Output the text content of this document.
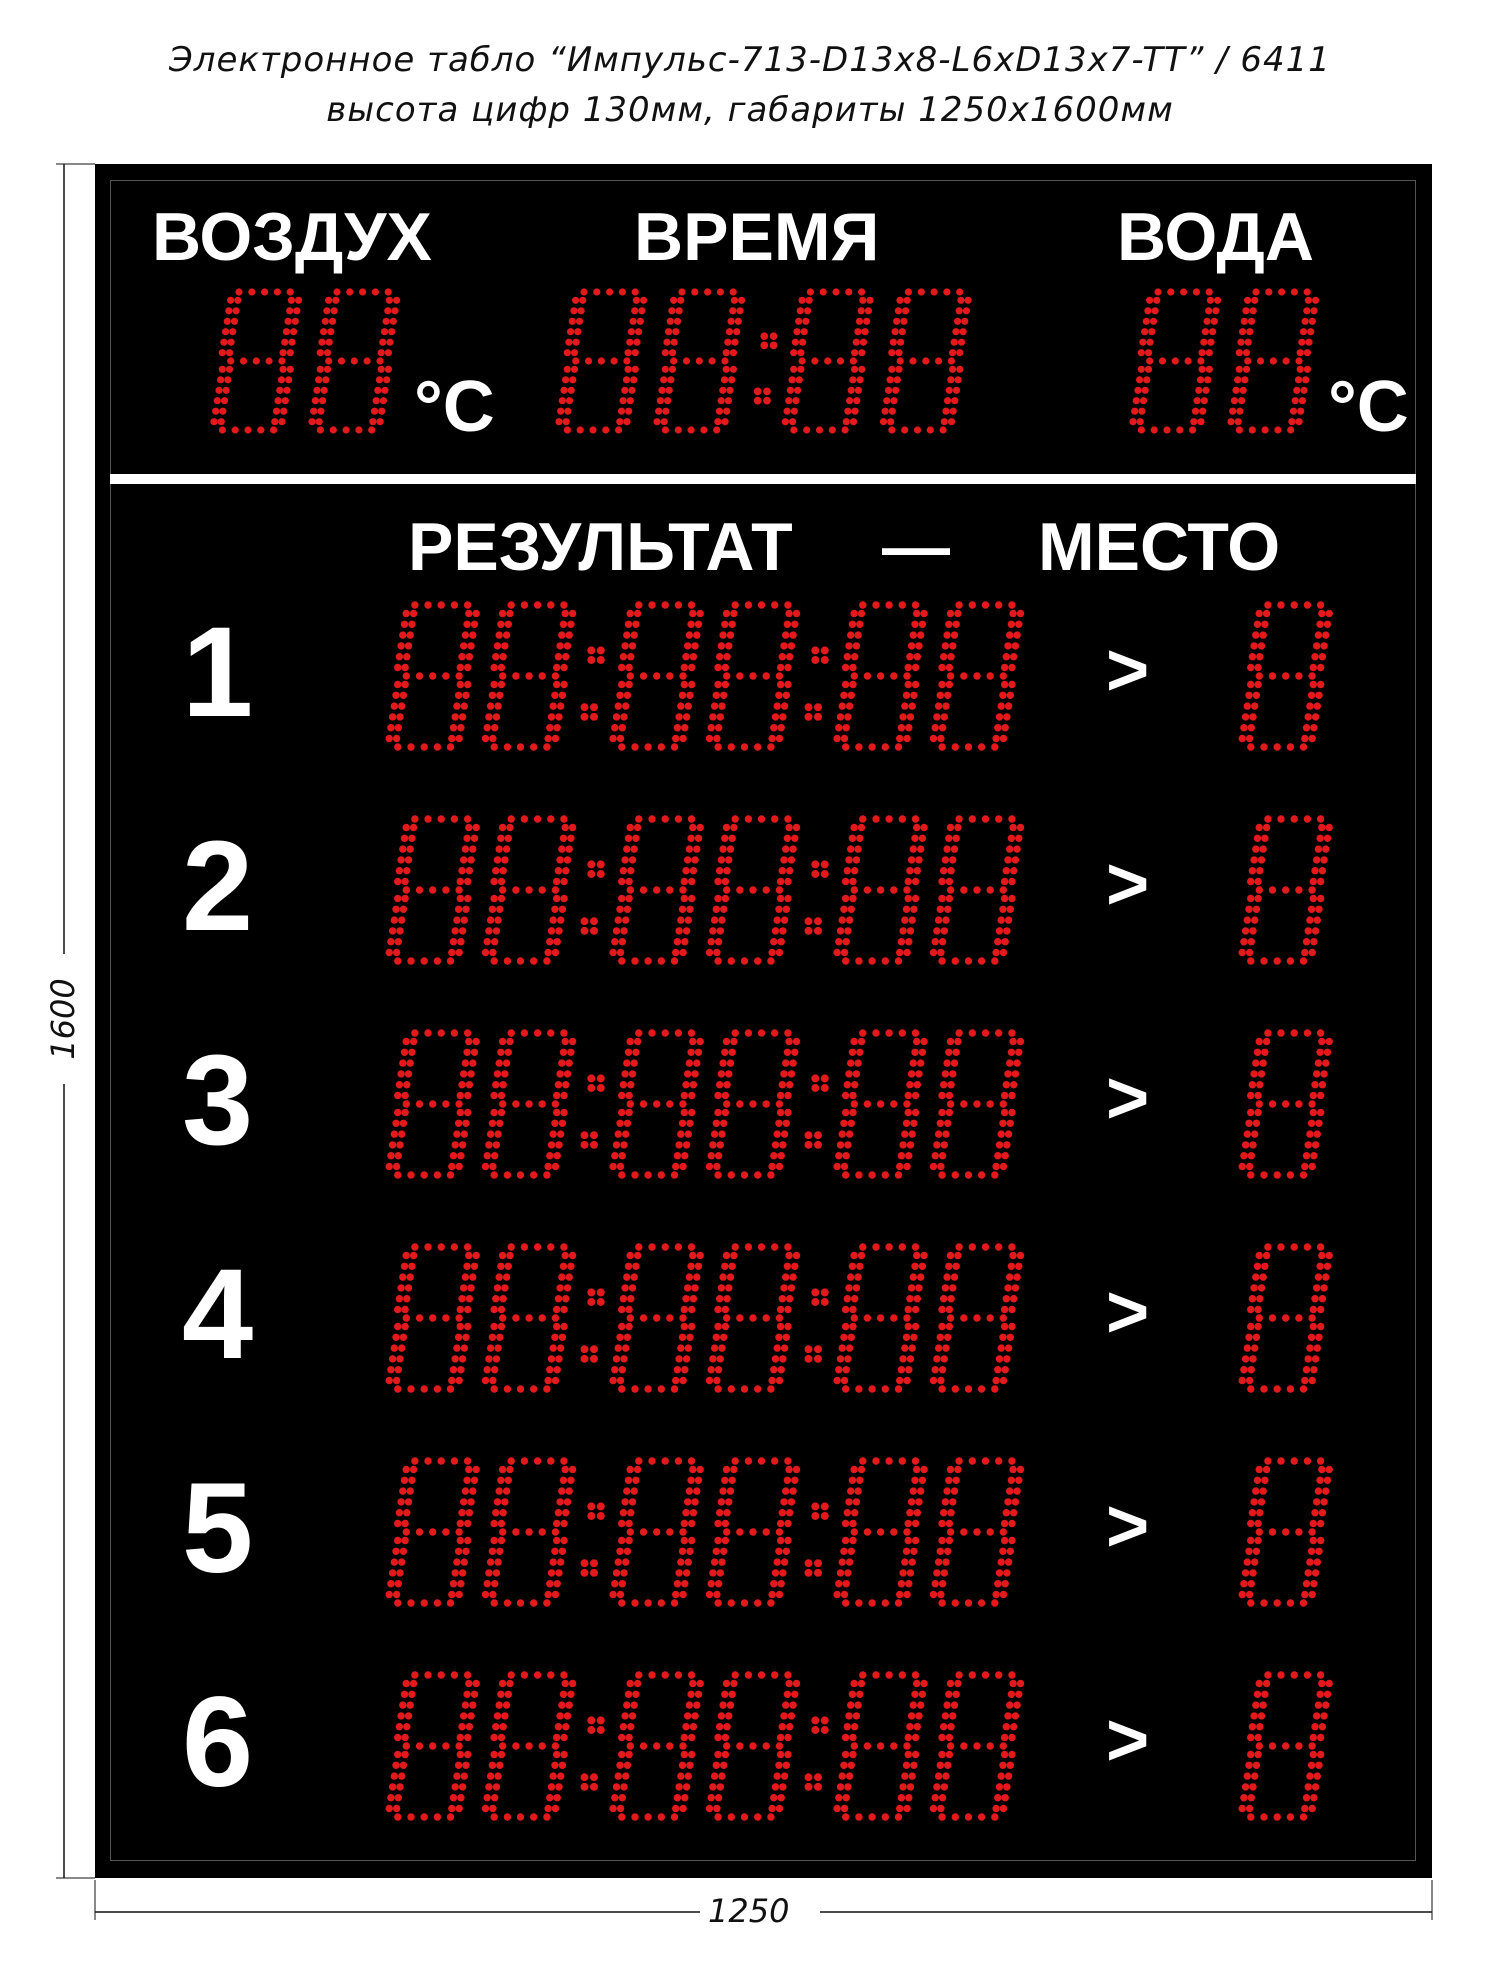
Электронное табло “Импульс-713-D13x8-L6xD13x7-TT” / 6411
высота цифр 130мм, габариты 1250x1600мм
1250
1600
ВОЗДУХ	ВРЕМЯ	ВОДА
°C	°C
РЕЗУЛЬТАТ — МЕСТО
1	>
2	>
3	>
4	>
5	>
6	>
